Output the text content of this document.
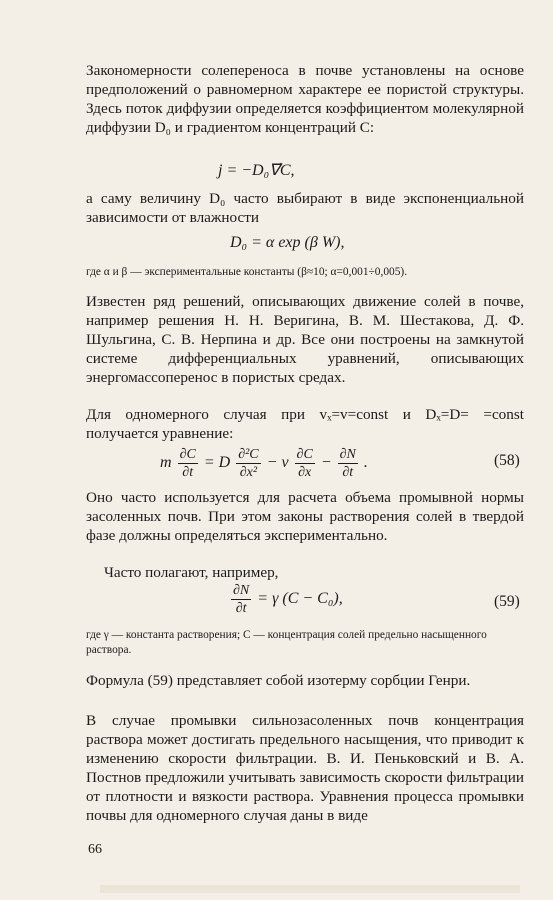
Закономерности солепереноса в почве установлены на основе предположений о равномерном характере ее пористой структуры. Здесь поток диффузии определяется коэффициентом молекулярной диффузии D₀ и градиентом концентраций C:

j = −D₀∇⃗C,

а саму величину D₀ часто выбирают в виде экспоненциальной зависимости от влажности

D₀ = α exp (β W),

где α и β — экспериментальные константы (β≈10; α=0,001÷0,005).

Известен ряд решений, описывающих движение солей в почве, например решения Н. Н. Веригина, В. М. Шестакова, Д. Ф. Шульгина, С. В. Нерпина и др. Все они построены на замкнутой системе дифференциальных уравнений, описывающих энергомассоперенос в пористых средах.

Для одномерного случая при vₓ=v=const и Dₓ=D= =const получается уравнение:

m $\frac{\partial C}{\partial t} = D \frac{\text{∂²C}}{\text{∂x²}} - v \frac{\partial C}{\partial x} - \frac{\partial N}{\partial t}$ .	(58)

Оно часто используется для расчета объема промывной нормы засоленных почв. При этом законы растворения солей в твердой фазе должны определяться экспериментально.

Часто полагают, например,

$\frac{\partial N}{\partial t} = \gamma$ (C − C₀),	(59)

где γ — константа растворения; C — концентрация солей предельно насыщенного раствора.

Формула (59) представляет собой изотерму сорбции Генри.

В случае промывки сильнозасоленных почв концентрация раствора может достигать предельного насыщения, что приводит к изменению скорости фильтрации. В. И. Пеньковский и В. А. Постнов предложили учитывать зависимость скорости фильтрации от плотности и вязкости раствора. Уравнения процесса промывки почвы для одномерного случая даны в виде

66
